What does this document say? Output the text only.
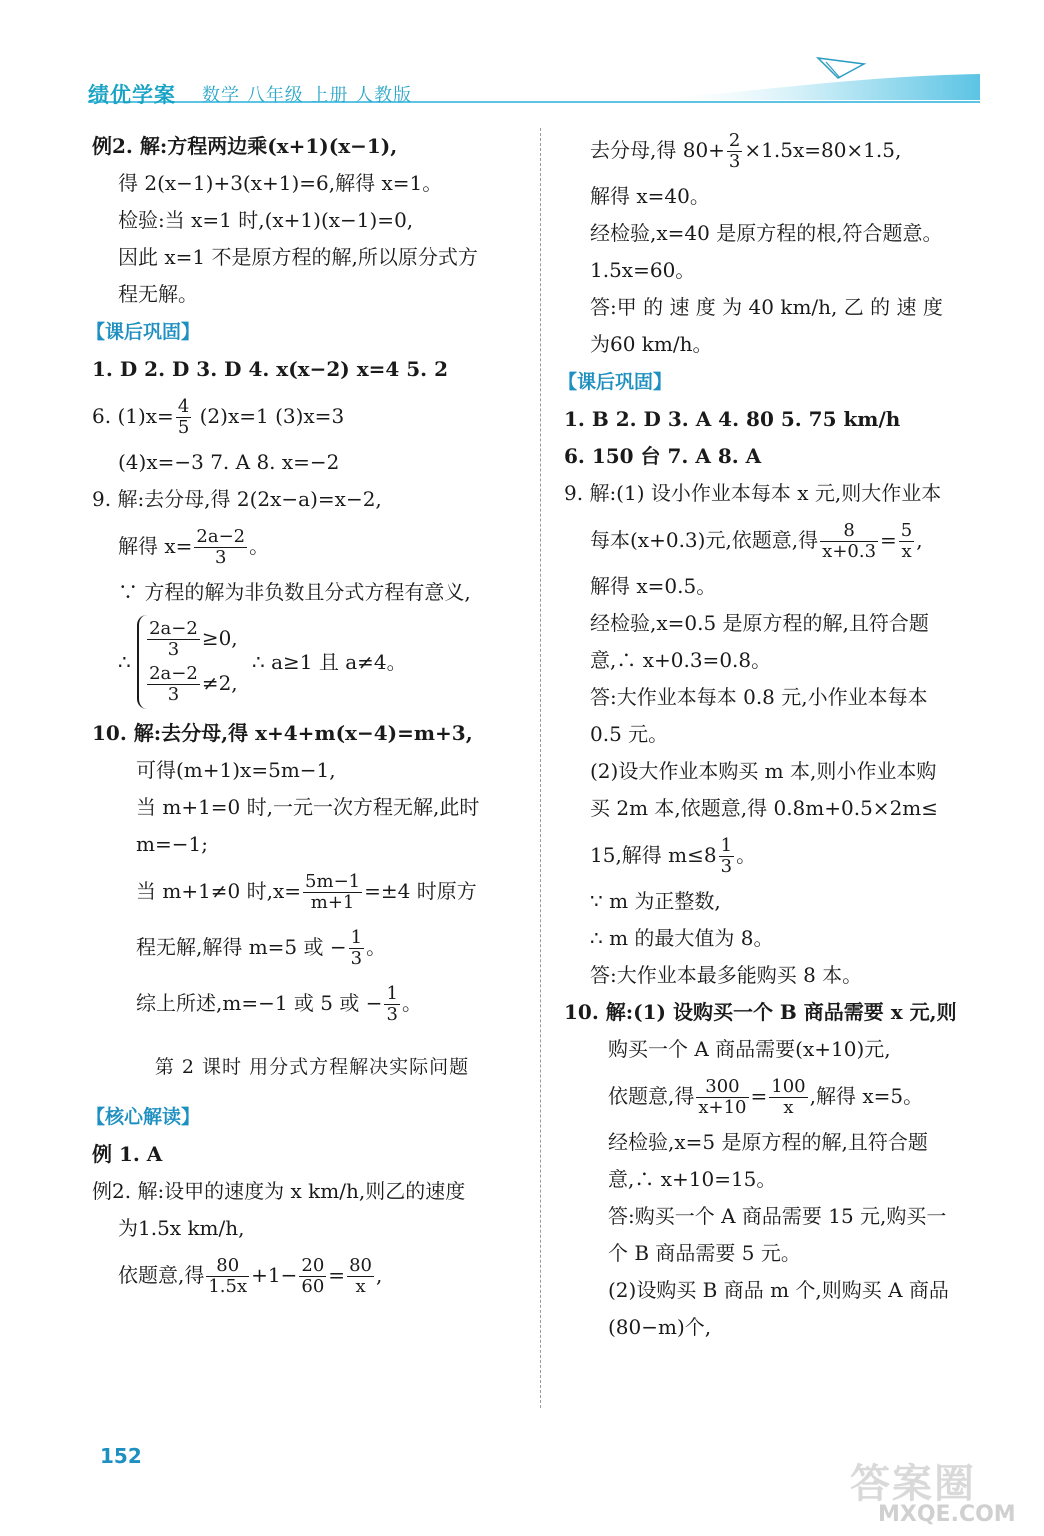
绩优学案 数学 八年级 上册 人教版
例2. 解:方程两边乘(x+1)(x−1),
得 2(x−1)+3(x+1)=6,解得 x=1。
检验:当 x=1 时,(x+1)(x−1)=0,
因此 x=1 不是原方程的解,所以原分式方
程无解。
【课后巩固】
1. D 2. D 3. D 4. x(x−2) x=4 5. 2
6. $(1)x= \frac{4}{5} (2)x=1$ (3)x=3
(4)x=−3 7. A 8. x=−2
9. 解:去分母,得 2(2x−a)=x−2,
解得 $x= \frac{2a-2}{3}$ 。
∵ 方程的解为非负数且分式方程有意义,
∴
$\frac{2a-2}{3} \ge 0$,
$\frac{2a-2}{3} \ne 2$,
∴ a≥1 且 a≠4。
10. 解:去分母,得 x+4+m(x−4)=m+3,
可得(m+1)x=5m−1,
当 m+1=0 时,一元一次方程无解,此时
m=−1;
当 m+1≠0 时$,x= \frac{5m-1}{m+1} =\pm 4$ 时原方
程无解,解得 m=5 或 − $\frac{1}{3}$ 。
综上所述,m=−1 或 5 或 − $\frac{1}{3}$ 。
第 2 课时 用分式方程解决实际问题
【核心解读】
例 1. A
例2. 解:设甲的速度为 x km/h,则乙的速度
为1.5x km/h,
依题意,得 $\frac{80}{1.5x} +1- \frac{20}{60} = \frac{80}{x}$ ,
去分母,得 $80+ \frac{2}{3} \times 1.5x=80\times 1.5$,
解得 x=40。
经检验,x=40 是原方程的根,符合题意。
1.5x=60。
答:甲 的 速 度 为 40 km/h, 乙 的 速 度
为60 km/h。
【课后巩固】
1. B 2. D 3. A 4. 80 5. 75 km/h
6. 150 台 7. A 8. A
9. 解:(1) 设小作业本每本 x 元,则大作业本
每本(x+0.3)元,依题意,得 $\frac{8}{x+0.3} = \frac{5}{x}$ ,
解得 x=0.5。
经检验,x=0.5 是原方程的解,且符合题
意,∴ x+0.3=0.8。
答:大作业本每本 0.8 元,小作业本每本
0.5 元。
(2)设大作业本购买 m 本,则小作业本购
买 2m 本,依题意,得 0.8m+0.5×2m≤
15,解得 $m\le 8 \frac{1}{3}$ 。
∵ m 为正整数,
∴ m 的最大值为 8。
答:大作业本最多能购买 8 本。
10. 解:(1) 设购买一个 B 商品需要 x 元,则
购买一个 A 商品需要(x+10)元,
依题意,得 $\frac{300}{x+10} = \frac{100}{x}$ ,解得 x=5。
经检验,x=5 是原方程的解,且符合题
意,∴ x+10=15。
答:购买一个 A 商品需要 15 元,购买一
个 B 商品需要 5 元。
(2)设购买 B 商品 m 个,则购买 A 商品
(80−m)个,
152
答案圈
MXQE.COM
